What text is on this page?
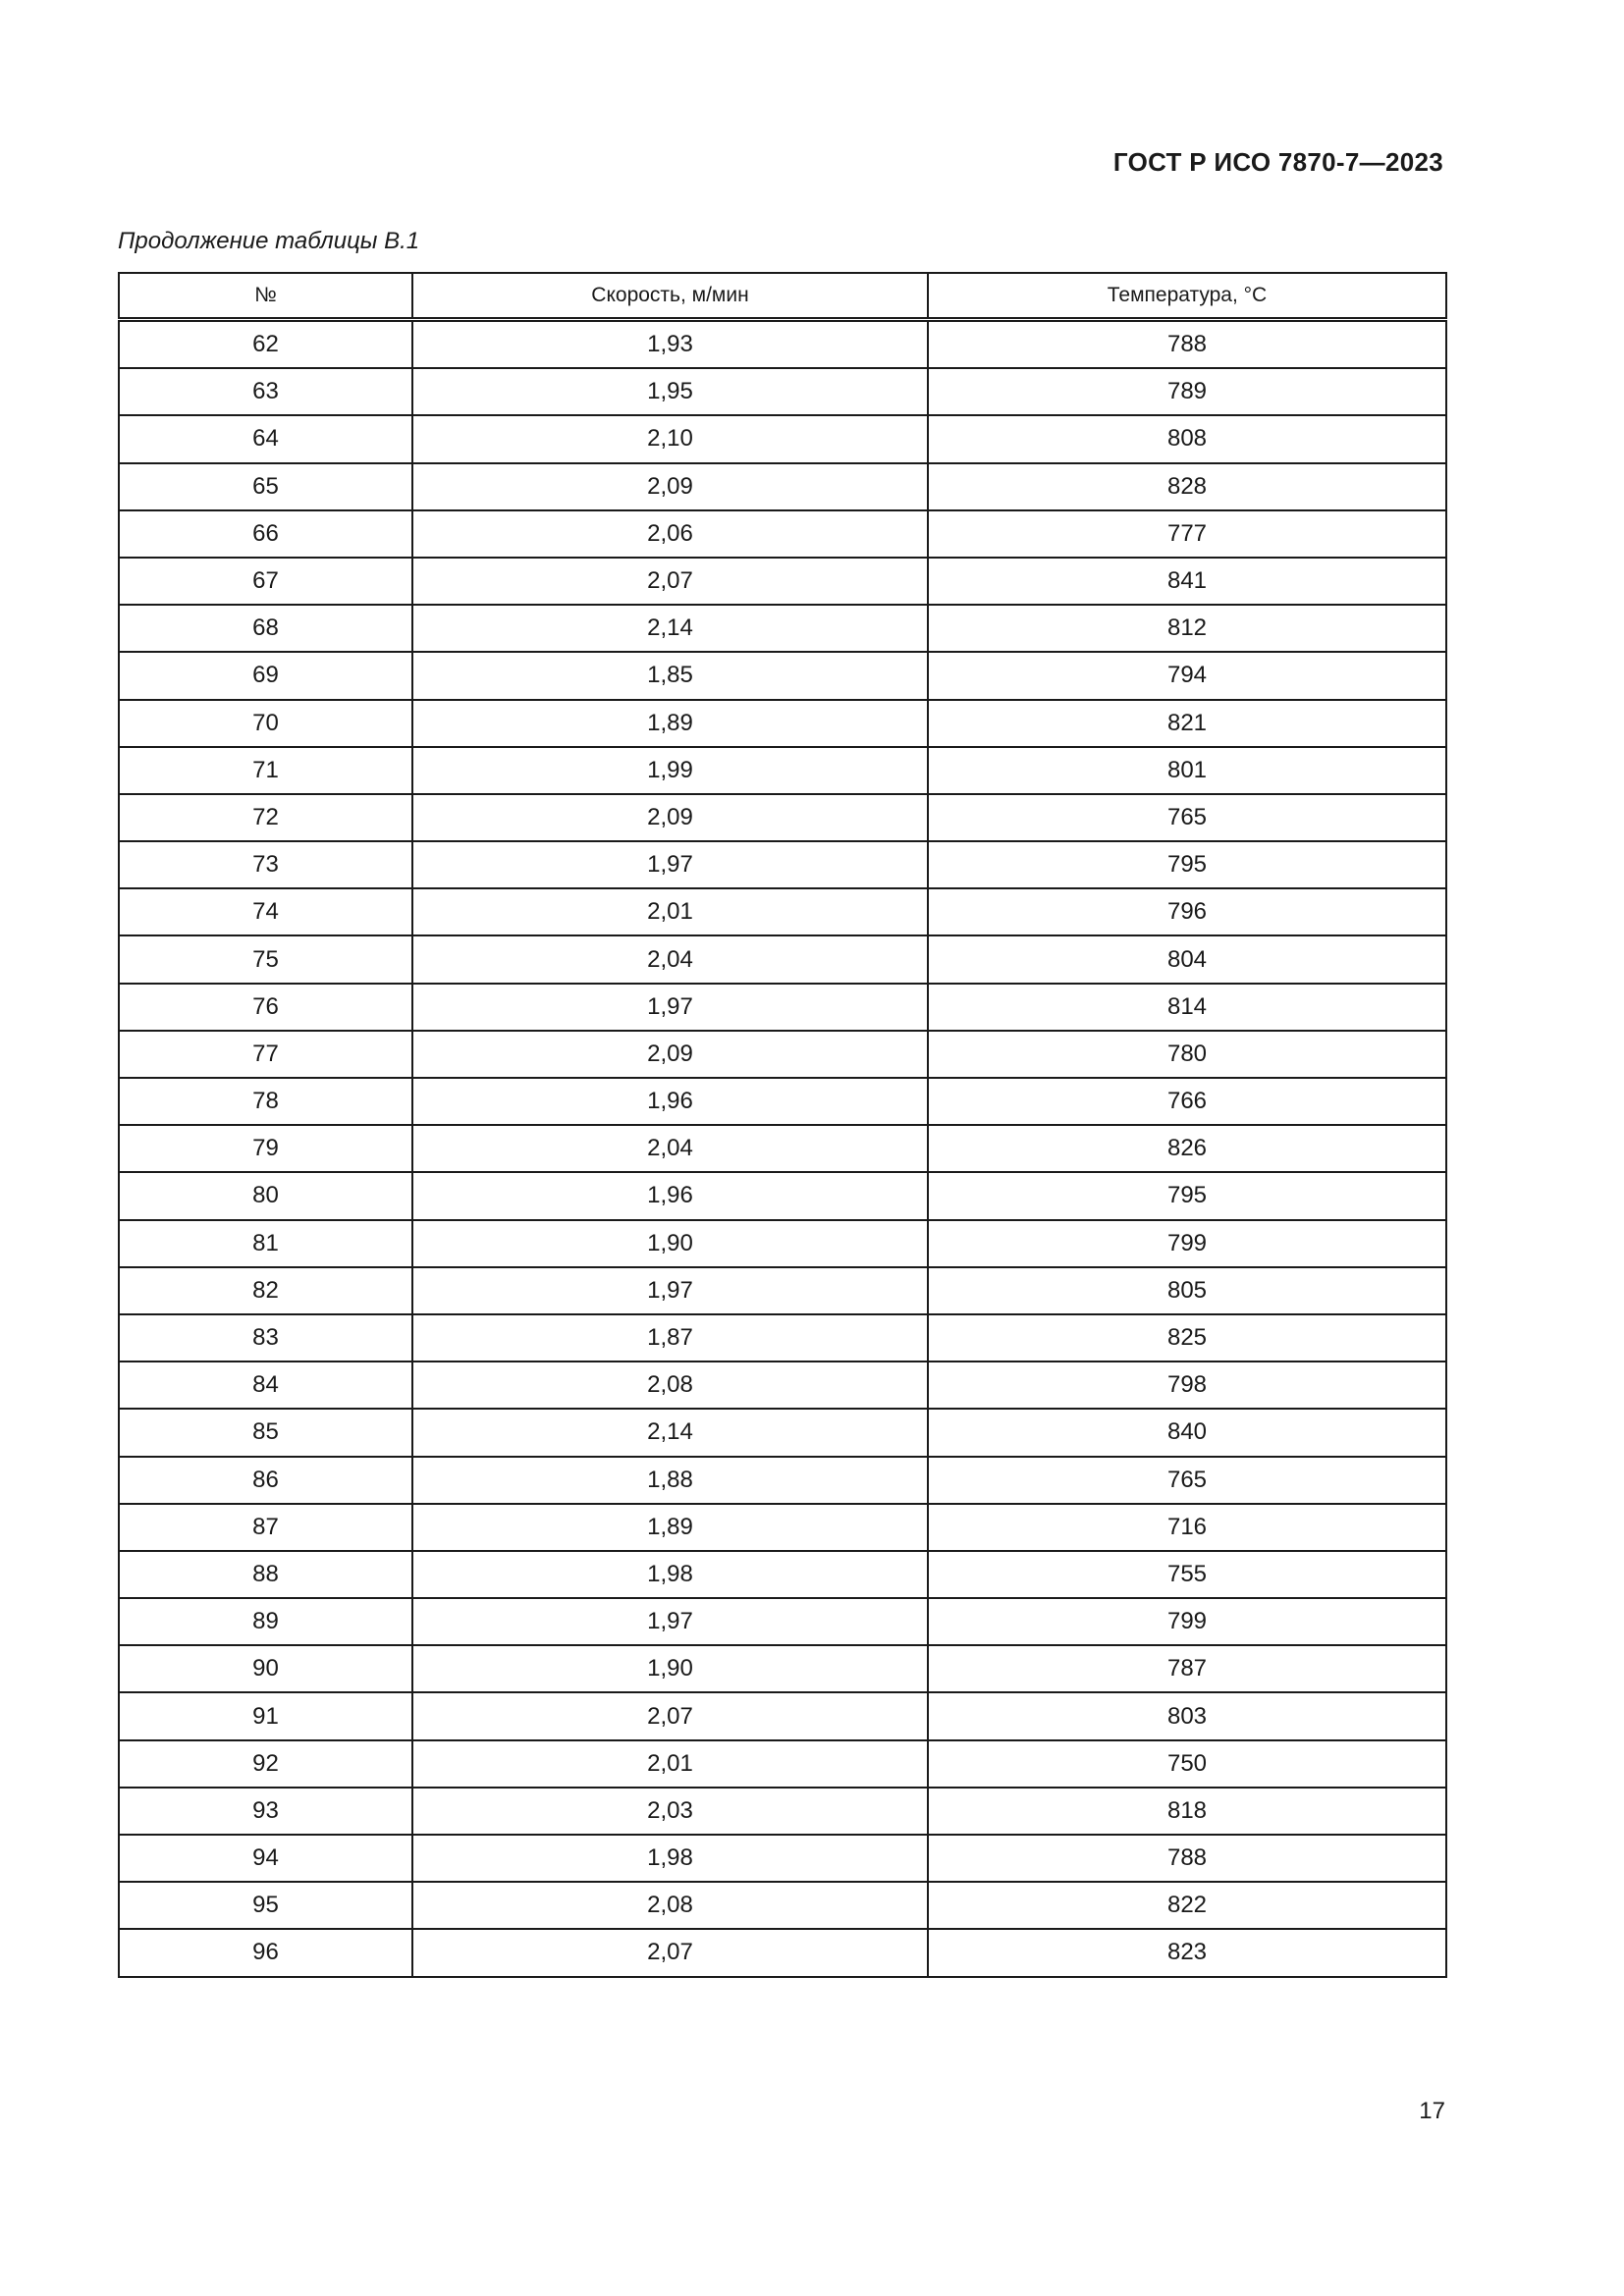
ГОСТ Р ИСО 7870-7—2023
Продолжение таблицы В.1
№	Скорость, м/мин	Температура, °С
62	1,93	788
63	1,95	789
64	2,10	808
65	2,09	828
66	2,06	777
67	2,07	841
68	2,14	812
69	1,85	794
70	1,89	821
71	1,99	801
72	2,09	765
73	1,97	795
74	2,01	796
75	2,04	804
76	1,97	814
77	2,09	780
78	1,96	766
79	2,04	826
80	1,96	795
81	1,90	799
82	1,97	805
83	1,87	825
84	2,08	798
85	2,14	840
86	1,88	765
87	1,89	716
88	1,98	755
89	1,97	799
90	1,90	787
91	2,07	803
92	2,01	750
93	2,03	818
94	1,98	788
95	2,08	822
96	2,07	823
17
